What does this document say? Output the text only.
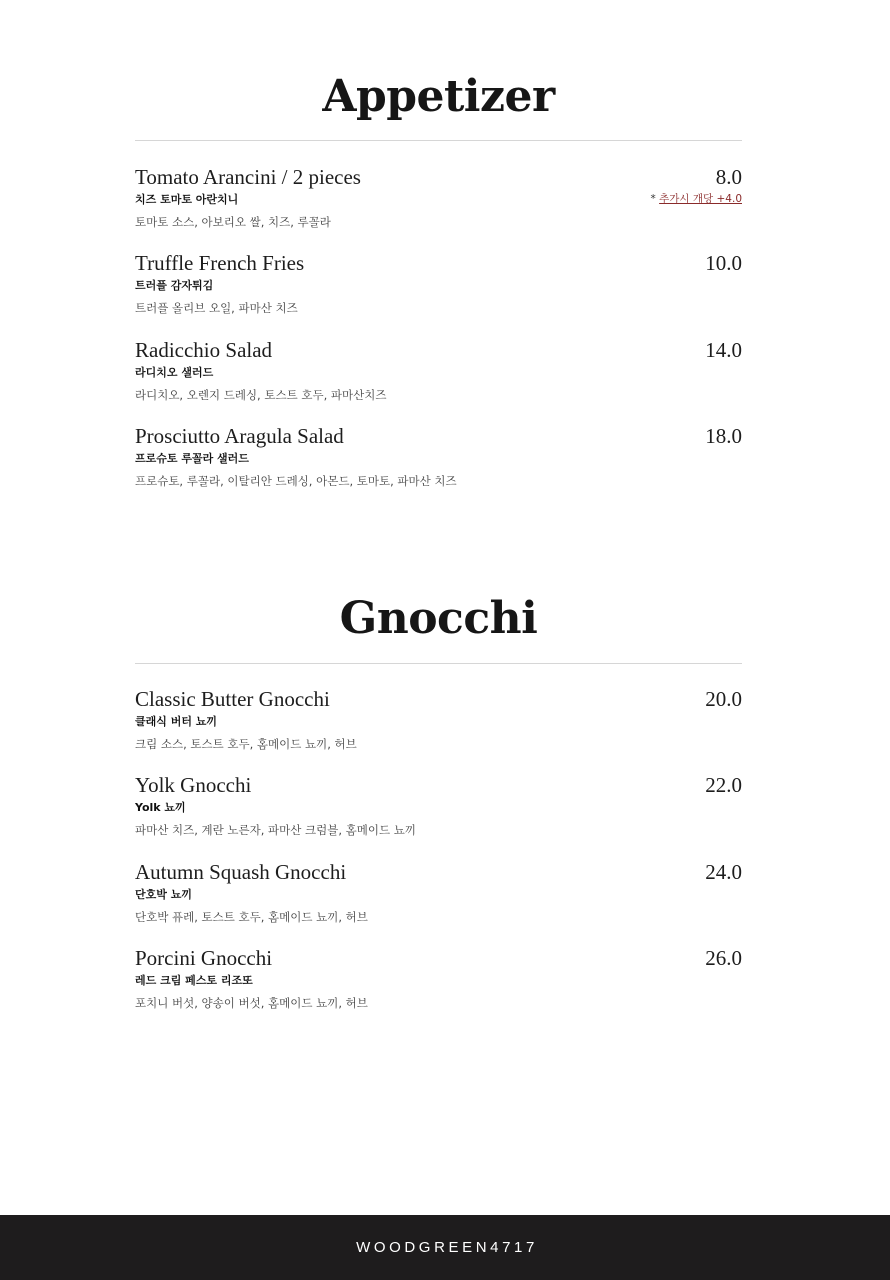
Appetizer
Tomato Arancini / 2 pieces
치즈 토마토 아란치니
토마토 소스, 아보리오 쌀, 치즈, 루꼴라
8.0
* 추가시 개당 +4.0
Truffle French Fries
트러플 감자튀김
트러플 올리브 오일, 파마산 치즈
10.0
Radicchio Salad
라디치오 샐러드
라디치오, 오렌지 드레싱, 토스트 호두, 파마산치즈
14.0
Prosciutto Aragula Salad
프로슈토 루꼴라 샐러드
프로슈토, 루꼴라, 이탈리안 드레싱, 아몬드, 토마토, 파마산 치즈
18.0
Gnocchi
Classic Butter Gnocchi
클래식 버터 뇨끼
크림 소스, 토스트 호두, 홈메이드 뇨끼, 허브
20.0
Yolk Gnocchi
Yolk 뇨끼
파마산 치즈, 계란 노른자, 파마산 크럼블, 홈메이드 뇨끼
22.0
Autumn Squash Gnocchi
단호박 뇨끼
단호박 퓨레, 토스트 호두, 홈메이드 뇨끼, 허브
24.0
Porcini Gnocchi
레드 크림 페스토 리조또
포치니 버섯, 양송이 버섯, 홈메이드 뇨끼, 허브
26.0
WOODGREEN4717
